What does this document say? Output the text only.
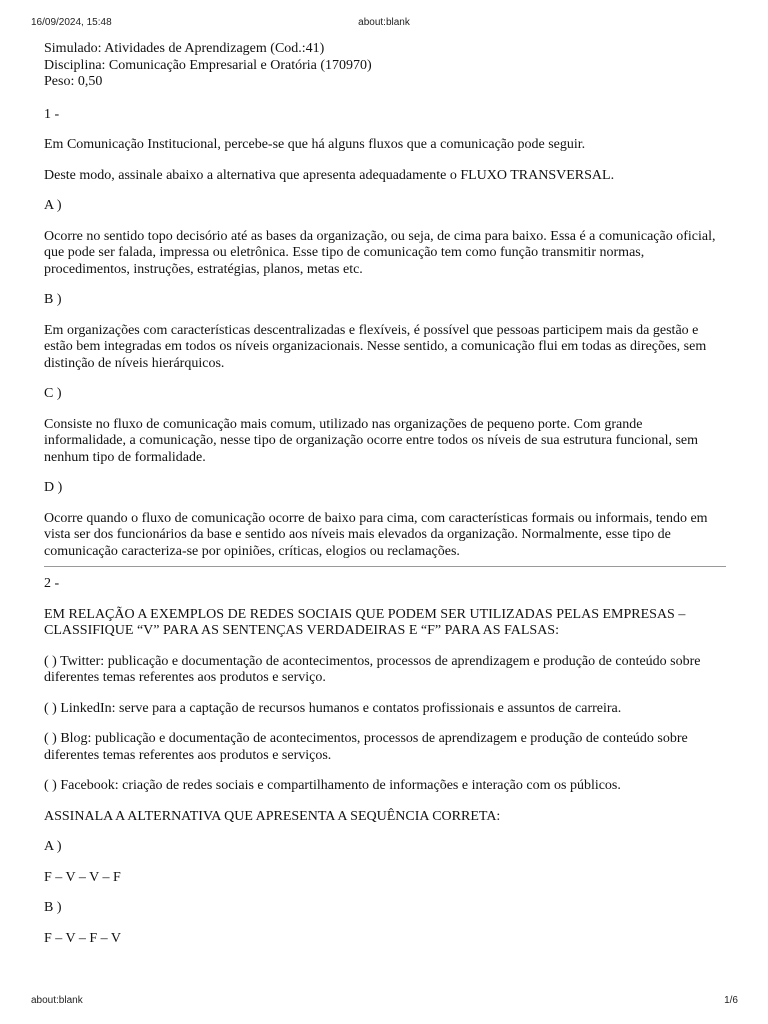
16/09/2024, 15:48	about:blank
Simulado: Atividades de Aprendizagem (Cod.:41)
Disciplina: Comunicação Empresarial e Oratória (170970)
Peso: 0,50

1 -

Em Comunicação Institucional, percebe-se que há alguns fluxos que a comunicação pode seguir.

Deste modo, assinale abaixo a alternativa que apresenta adequadamente o FLUXO TRANSVERSAL.

A )

Ocorre no sentido topo decisório até as bases da organização, ou seja, de cima para baixo. Essa é a comunicação oficial, que pode ser falada, impressa ou eletrônica. Esse tipo de comunicação tem como função transmitir normas, procedimentos, instruções, estratégias, planos, metas etc.

B )

Em organizações com características descentralizadas e flexíveis, é possível que pessoas participem mais da gestão e estão bem integradas em todos os níveis organizacionais. Nesse sentido, a comunicação flui em todas as direções, sem distinção de níveis hierárquicos.

C )

Consiste no fluxo de comunicação mais comum, utilizado nas organizações de pequeno porte. Com grande informalidade, a comunicação, nesse tipo de organização ocorre entre todos os níveis de sua estrutura funcional, sem nenhum tipo de formalidade.

D )

Ocorre quando o fluxo de comunicação ocorre de baixo para cima, com características formais ou informais, tendo em vista ser dos funcionários da base e sentido aos níveis mais elevados da organização. Normalmente, esse tipo de comunicação caracteriza-se por opiniões, críticas, elogios ou reclamações.

2 -

EM RELAÇÃO A EXEMPLOS DE REDES SOCIAIS QUE PODEM SER UTILIZADAS PELAS EMPRESAS – CLASSIFIQUE “V” PARA AS SENTENÇAS VERDADEIRAS E “F” PARA AS FALSAS:

( ) Twitter: publicação e documentação de acontecimentos, processos de aprendizagem e produção de conteúdo sobre diferentes temas referentes aos produtos e serviço.

( ) LinkedIn: serve para a captação de recursos humanos e contatos profissionais e assuntos de carreira.

( ) Blog: publicação e documentação de acontecimentos, processos de aprendizagem e produção de conteúdo sobre diferentes temas referentes aos produtos e serviços.

( ) Facebook: criação de redes sociais e compartilhamento de informações e interação com os públicos.

ASSINALA A ALTERNATIVA QUE APRESENTA A SEQUÊNCIA CORRETA:

A )

F – V – V – F

B )

F – V – F – V

about:blank	1/6
